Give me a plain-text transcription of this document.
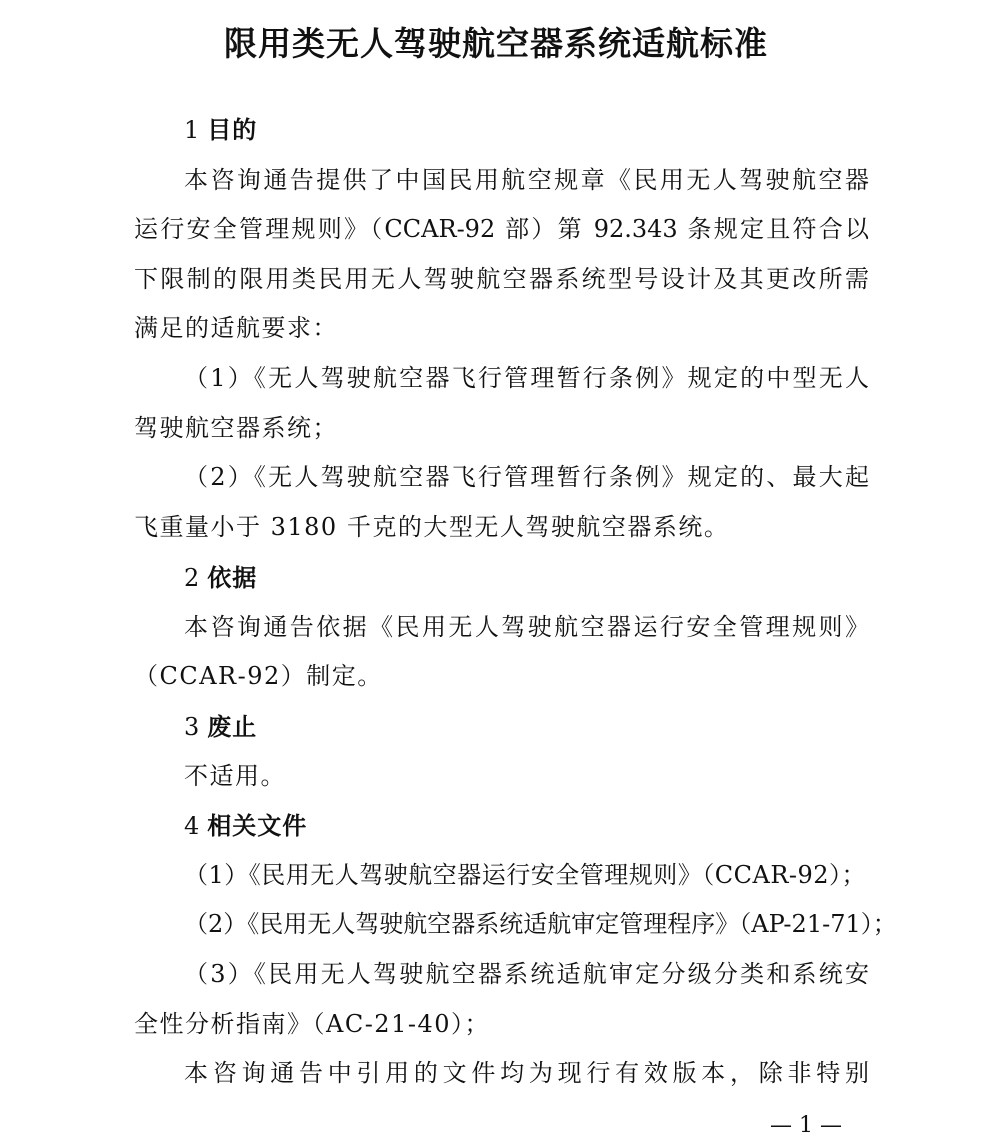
限用类无人驾驶航空器系统适航标准
1 目的
本咨询通告提供了中国民用航空规章《民用无人驾驶航空器
运行安全管理规则》（CCAR-92 部）第 92.343 条规定且符合以
下限制的限用类民用无人驾驶航空器系统型号设计及其更改所需
满足的适航要求：
（1）《无人驾驶航空器飞行管理暂行条例》规定的中型无人
驾驶航空器系统；
（2）《无人驾驶航空器飞行管理暂行条例》规定的、最大起
飞重量小于 3180 千克的大型无人驾驶航空器系统。
2 依据
本咨询通告依据《民用无人驾驶航空器运行安全管理规则》
（CCAR-92）制定。
3 废止
不适用。
4 相关文件
（1）《民用无人驾驶航空器运行安全管理规则》（CCAR-92）；
（2）《民用无人驾驶航空器系统适航审定管理程序》（AP-21-71）；
（3）《民用无人驾驶航空器系统适航审定分级分类和系统安
全性分析指南》（AC-21-40）；
本咨询通告中引用的文件均为现行有效版本，除非特别
— 1 —
